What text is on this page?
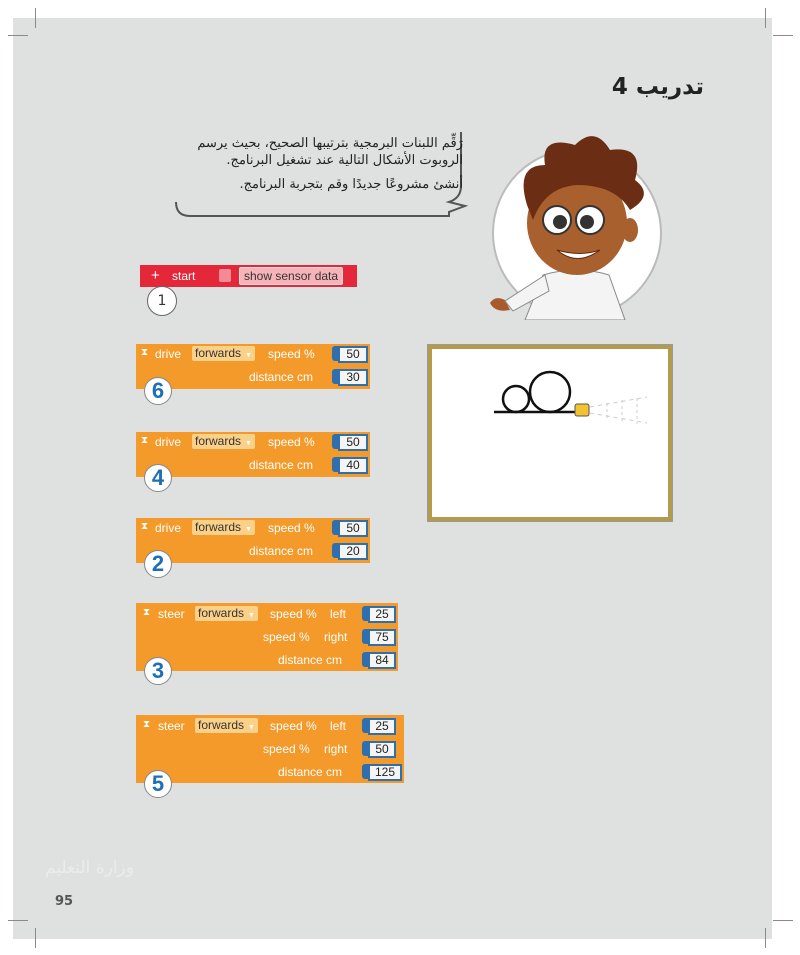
تدريب 4

رَقِّم اللبنات البرمجية بترتيبها الصحيح، بحيث يرسم الروبوت الأشكال التالية عند تشغيل البرنامج.

أنشئ مشروعًا جديدًا وقم بتجربة البرنامج.

+ start	show sensor data
1
⧗ drive forwards ▼ speed %	50
distance cm	30
6
⧗ drive forwards ▼ speed %	50
distance cm	40
4
⧗ drive forwards ▼ speed %	50
distance cm	20
2
⧗ steer forwards ▼ speed % left	25
speed % right	75
distance cm	84
3
⧗ steer forwards ▼ speed % left	25
speed % right	50
distance cm	125
5
وزارة التعليم
95
